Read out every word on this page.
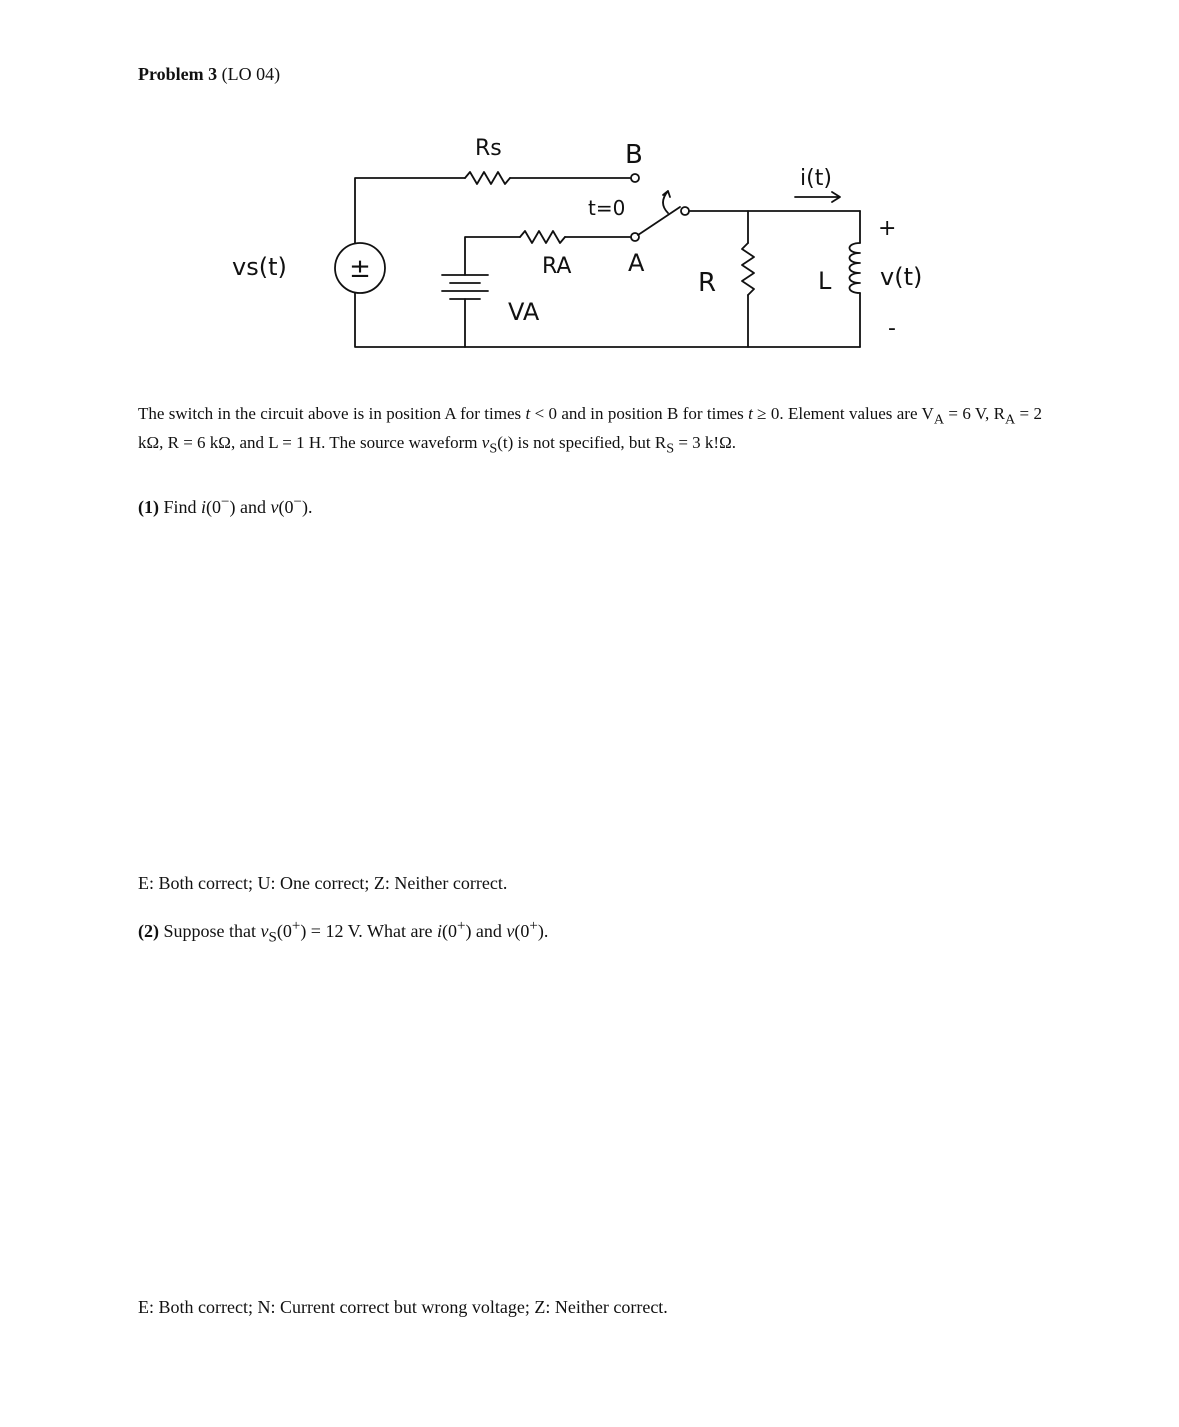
Problem 3 (LO 04)
±
vs(t)
Rs
RA
VA
B
t=0
A
R	L
i(t)
+
v(t)
-
The switch in the circuit above is in position A for times t < 0 and in position B for times t ≥ 0. Element values are $V_A = 6$ V, $R_A = 2$ kΩ, R = 6 kΩ, and L = 1 H. The source waveform $v_S(t)$ is not specified, but $R_S = 3$ k!Ω.
(1) Find i(0−) and v(0−).
E: Both correct; U: One correct; Z: Neither correct.
(2) Suppose that $v_S(0^+) = 12$ V. What are i(0+) and v(0+).
E: Both correct; N: Current correct but wrong voltage; Z: Neither correct.
